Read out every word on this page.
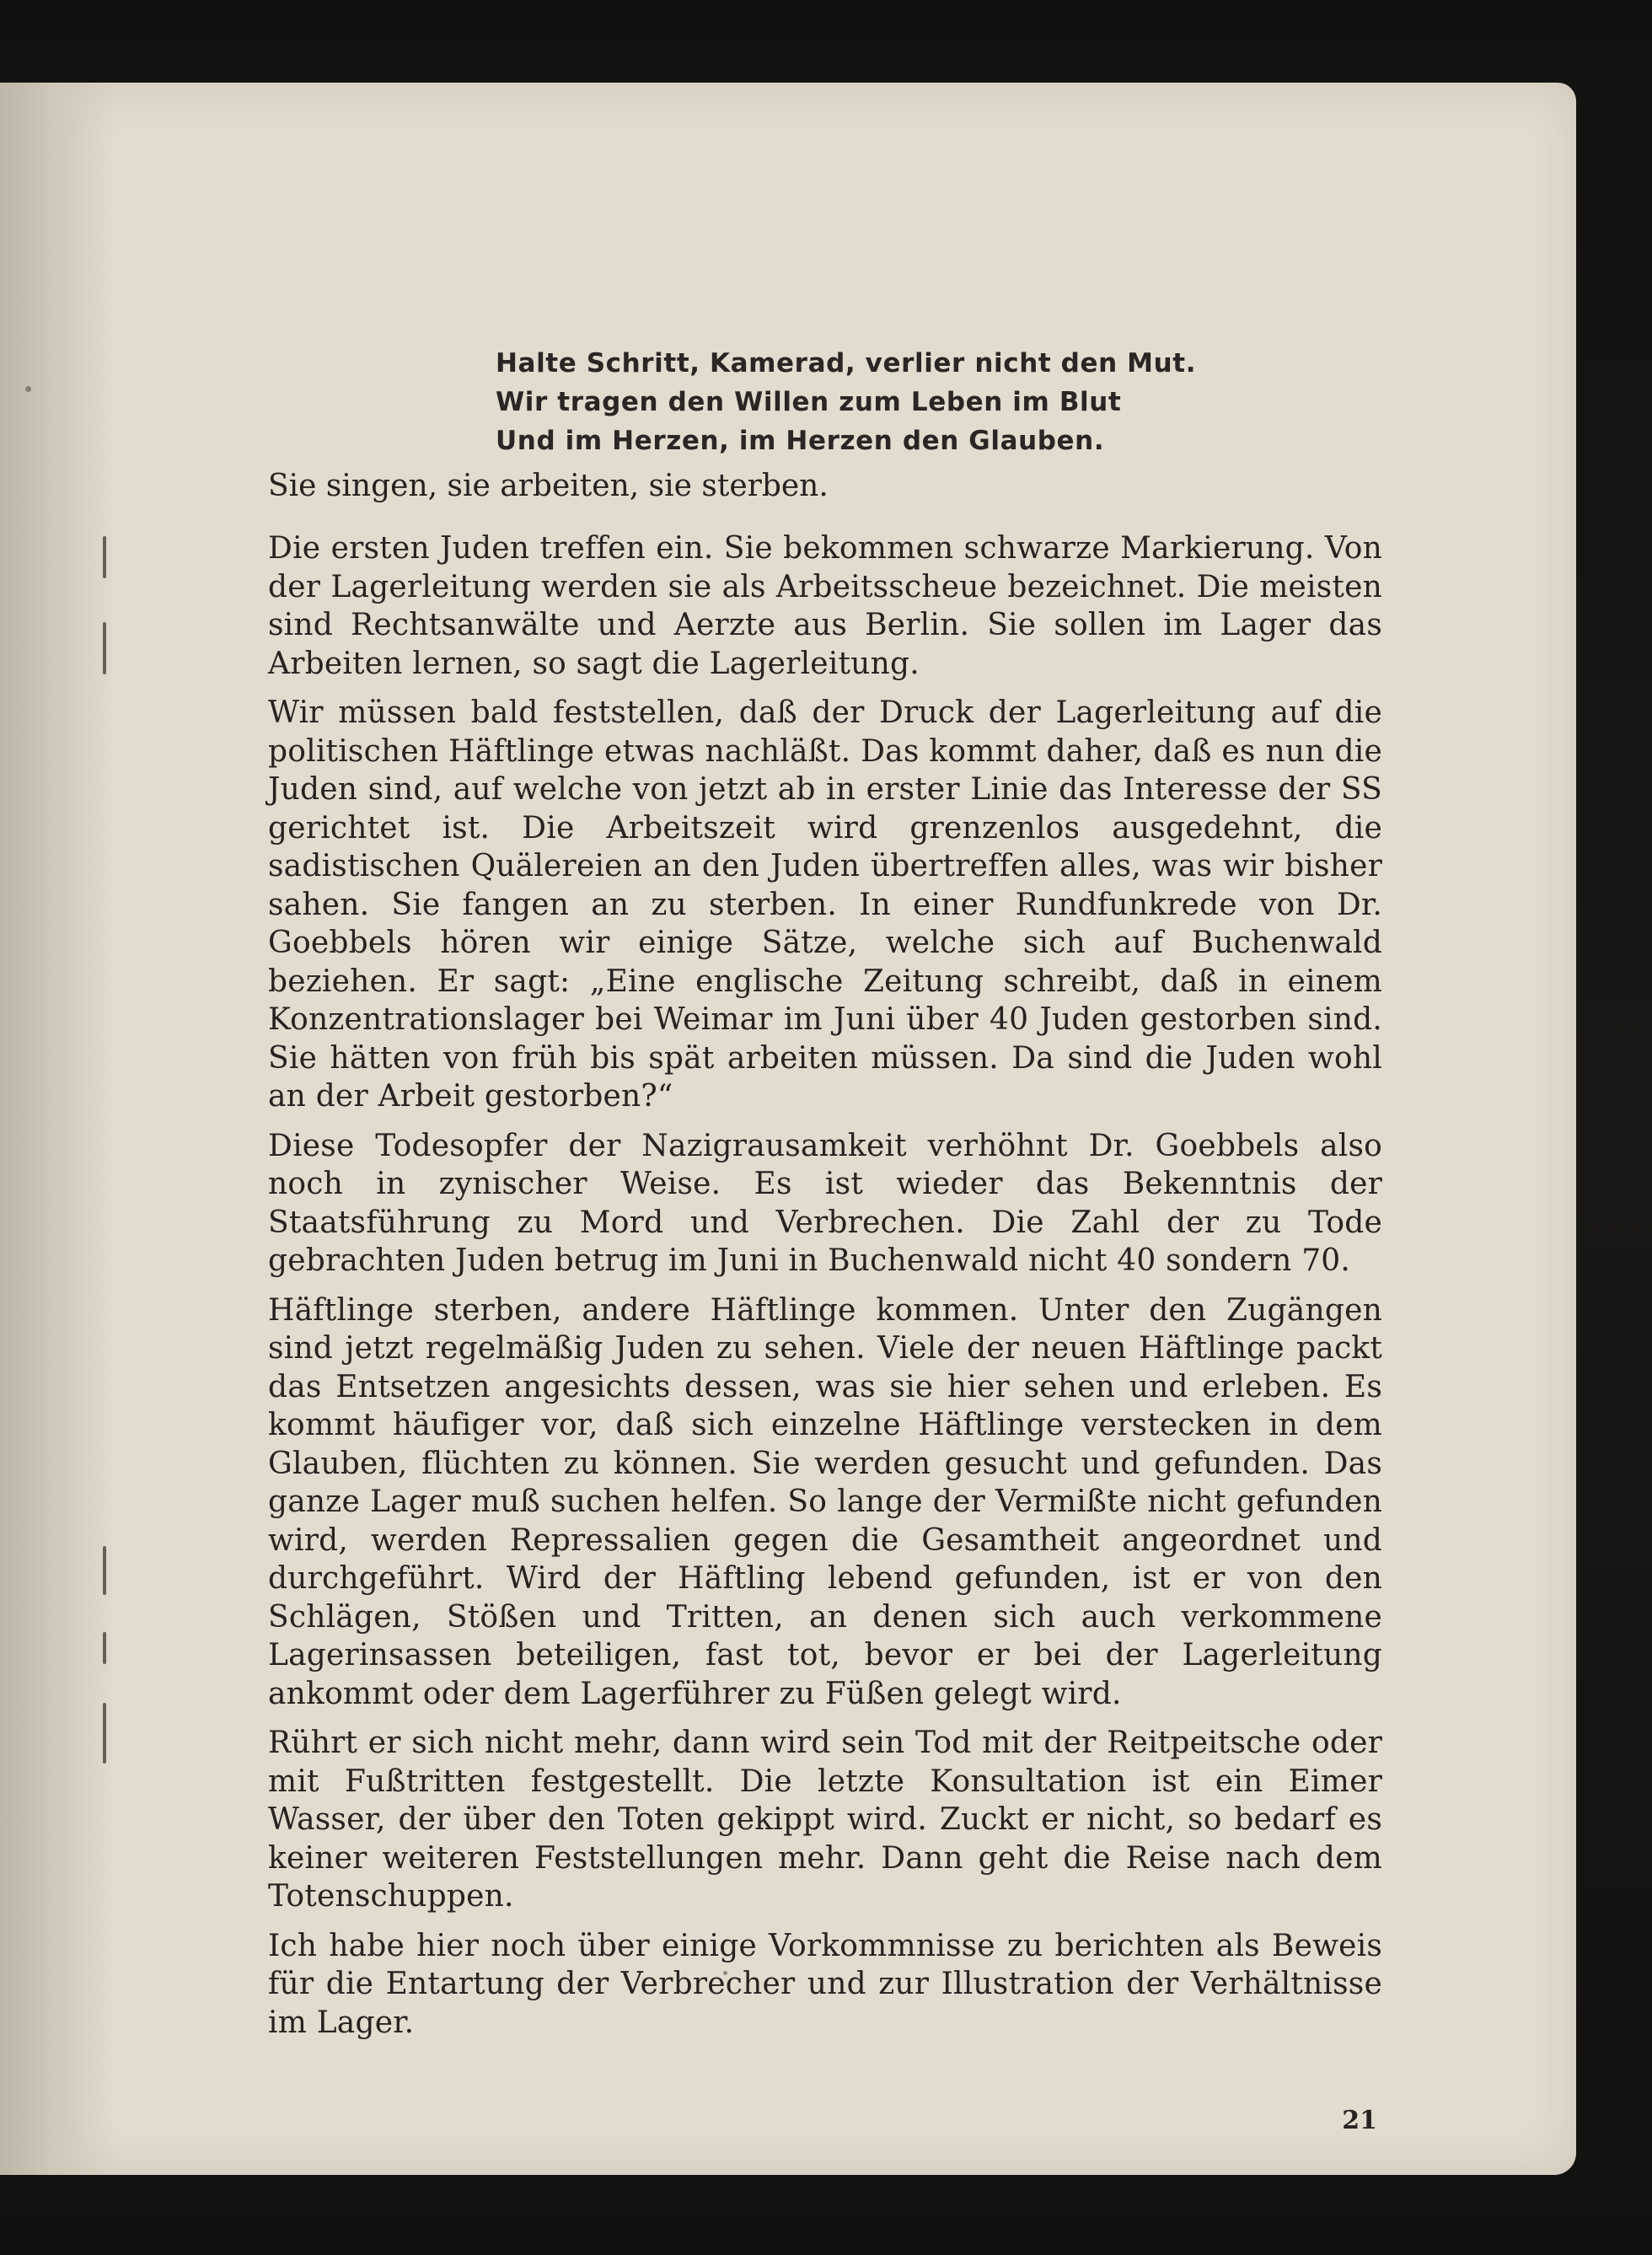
Halte Schritt, Kamerad, verlier nicht den Mut.
Wir tragen den Willen zum Leben im Blut
Und im Herzen, im Herzen den Glauben.
Sie singen, sie arbeiten, sie sterben.

Die ersten Juden treffen ein. Sie bekommen schwarze Markierung. Von der Lagerleitung werden sie als Arbeitsscheue bezeichnet. Die meisten sind Rechtsanwälte und Aerzte aus Berlin. Sie sollen im Lager das Arbeiten lernen, so sagt die Lagerleitung.

Wir müssen bald feststellen, daß der Druck der Lagerleitung auf die politischen Häftlinge etwas nachläßt. Das kommt daher, daß es nun die Juden sind, auf welche von jetzt ab in erster Linie das Interesse der SS gerichtet ist. Die Arbeitszeit wird grenzenlos ausgedehnt, die sadistischen Quälereien an den Juden übertreffen alles, was wir bisher sahen. Sie fangen an zu sterben. In einer Rundfunkrede von Dr. Goebbels hören wir einige Sätze, welche sich auf Buchenwald beziehen. Er sagt: „Eine englische Zeitung schreibt, daß in einem Konzentrationslager bei Weimar im Juni über 40 Juden gestorben sind. Sie hätten von früh bis spät arbeiten müssen. Da sind die Juden wohl an der Arbeit gestorben?“

Diese Todesopfer der Nazigrausamkeit verhöhnt Dr. Goebbels also noch in zynischer Weise. Es ist wieder das Bekenntnis der Staatsführung zu Mord und Verbrechen. Die Zahl der zu Tode gebrachten Juden betrug im Juni in Buchenwald nicht 40 sondern 70.

Häftlinge sterben, andere Häftlinge kommen. Unter den Zugängen sind jetzt regelmäßig Juden zu sehen. Viele der neuen Häftlinge packt das Entsetzen angesichts dessen, was sie hier sehen und erleben. Es kommt häufiger vor, daß sich einzelne Häftlinge verstecken in dem Glauben, flüchten zu können. Sie werden gesucht und gefunden. Das ganze Lager muß suchen helfen. So lange der Vermißte nicht gefunden wird, werden Repressalien gegen die Gesamtheit angeordnet und durchgeführt. Wird der Häftling lebend gefunden, ist er von den Schlägen, Stößen und Tritten, an denen sich auch verkommene Lagerinsassen beteiligen, fast tot, bevor er bei der Lagerleitung ankommt oder dem Lagerführer zu Füßen gelegt wird.

Rührt er sich nicht mehr, dann wird sein Tod mit der Reitpeitsche oder mit Fußtritten festgestellt. Die letzte Konsultation ist ein Eimer Wasser, der über den Toten gekippt wird. Zuckt er nicht, so bedarf es keiner weiteren Feststellungen mehr. Dann geht die Reise nach dem Totenschuppen.

Ich habe hier noch über einige Vorkommnisse zu berichten als Beweis für die Entartung der Verbrecher und zur Illustration der Verhältnisse im Lager.

21
